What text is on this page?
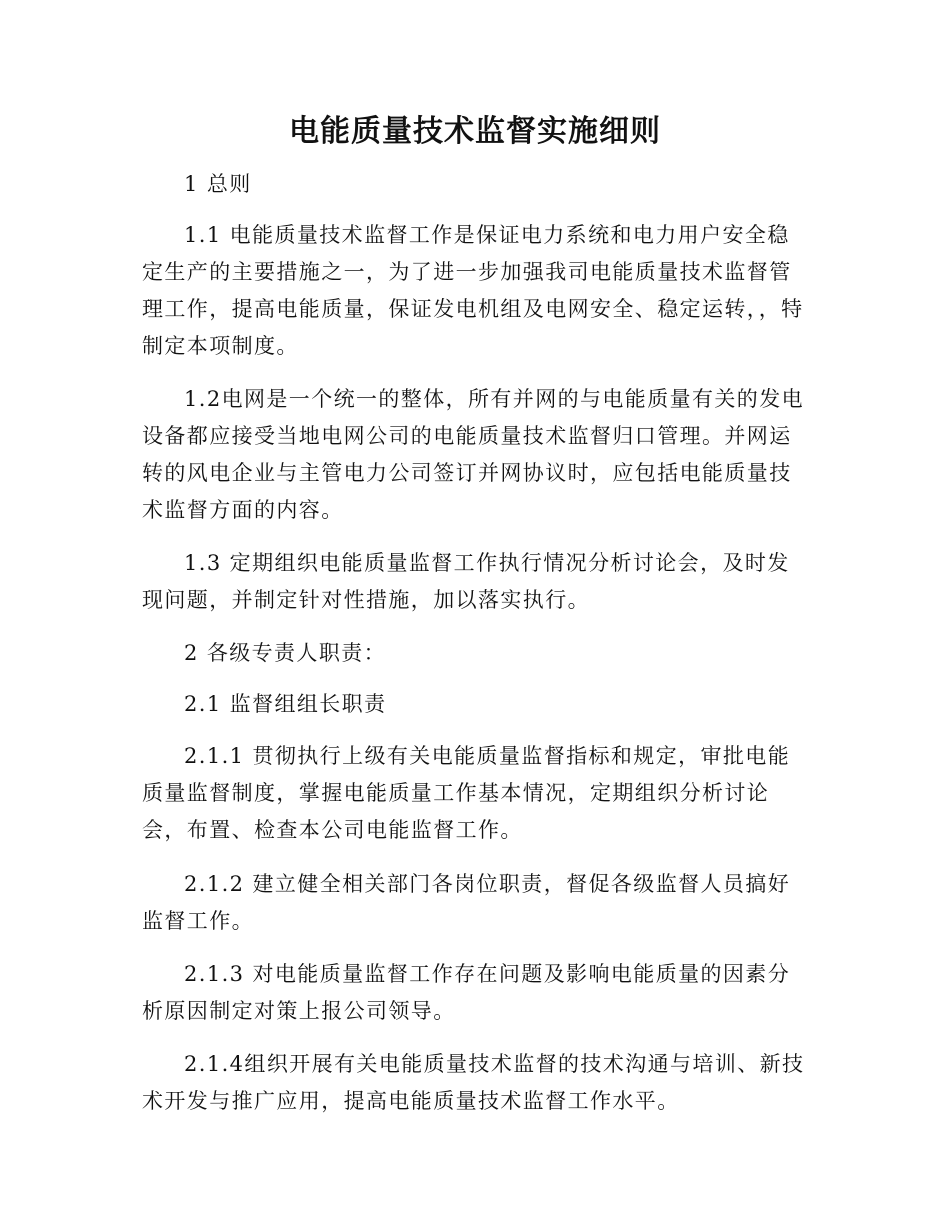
电能质量技术监督实施细则

1 总则

1.1 电能质量技术监督工作是保证电力系统和电力用户安全稳定生产的主要措施之一，为了进一步加强我司电能质量技术监督管理工作，提高电能质量，保证发电机组及电网安全、稳定运转，，特制定本项制度。

1.2电网是一个统一的整体，所有并网的与电能质量有关的发电设备都应接受当地电网公司的电能质量技术监督归口管理。并网运转的风电企业与主管电力公司签订并网协议时，应包括电能质量技术监督方面的内容。

1.3 定期组织电能质量监督工作执行情况分析讨论会，及时发现问题，并制定针对性措施，加以落实执行。

2 各级专责人职责：

2.1 监督组组长职责

2.1.1 贯彻执行上级有关电能质量监督指标和规定，审批电能质量监督制度，掌握电能质量工作基本情况，定期组织分析讨论会，布置、检查本公司电能监督工作。

2.1.2 建立健全相关部门各岗位职责，督促各级监督人员搞好监督工作。

2.1.3 对电能质量监督工作存在问题及影响电能质量的因素分析原因制定对策上报公司领导。

2.1.4组织开展有关电能质量技术监督的技术沟通与培训、新技术开发与推广应用，提高电能质量技术监督工作水平。
